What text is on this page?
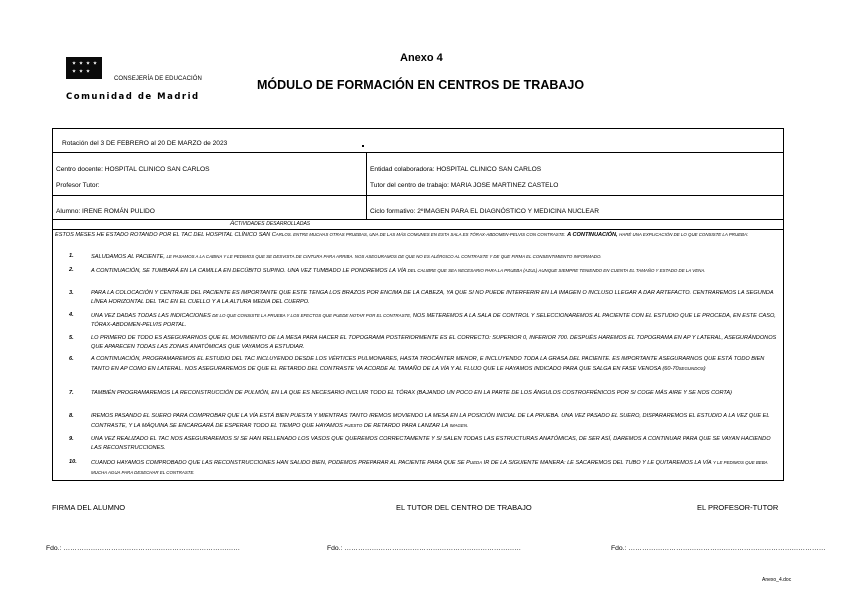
CONSEJERÍA DE EDUCACIÓN
Comunidad de Madrid
Anexo 4
MÓDULO DE FORMACIÓN EN CENTROS DE TRABAJO
Rotación del 3 DE FEBRERO al 20 DE MARZO de 2023
Centro docente: HOSPITAL CLINICO SAN CARLOS	Entidad colaboradora: HOSPITAL CLINICO SAN CARLOS
Profesor Tutor:	Tutor del centro de trabajo: MARIA JOSE MARTINEZ CASTELO
Alumno: IRENE ROMÁN PULIDO	Ciclo formativo: 2ºIMAGEN PARA EL DIAGNÓSTICO Y MEDICINA NUCLEAR
Actividades desarrolladas
ESTOS MESES HE ESTADO ROTANDO POR EL TAC DEL HOSPITAL CLÍNICO SAN CARLOS. ENTRE MUCHAS OTRAS PRUEBAS, UNA DE LAS MÁS COMUNES EN ESTA SALA ES TÓRAX-ABDOMEN-PELVIS CON CONTRASTE. A CONTINUACIÓN, HARÉ UNA EXPLICACIÓN DE LO QUE CONSISTE LA PRUEBA:
1.	SALUDAMOS AL PACIENTE, LE PASAMOS A LA CABINA Y LE PEDIMOS QUE SE DESVISTA DE CINTURA PARA ARRIBA. NOS ASEGURAMOS DE QUE NO ES ALÉRGICO AL CONTRASTE Y DE QUE FIRMA EL CONSENTIMIENTO INFORMADO.
2.	A CONTINUACIÓN, SE TUMBARÁ EN LA CAMILLA EN DECÚBITO SUPINO. UNA VEZ TUMBADO LE PONDREMOS LA VÍA DEL CALIBRE QUE SEA NECESARIO PARA LA PRUEBA (AZUL) AUNQUE SIEMPRE TENIENDO EN CUENTA EL TAMAÑO Y ESTADO DE LA VENA.
3.	PARA LA COLOCACIÓN Y CENTRAJE DEL PACIENTE ES IMPORTANTE QUE ESTE TENGA LOS BRAZOS POR ENCIMA DE LA CABEZA, YA QUE SI NO PUEDE INTERFERIR EN LA IMAGEN O INCLUSO LLEGAR A DAR ARTEFACTO. CENTRAREMOS LA SEGUNDA LÍNEA HORIZONTAL DEL TAC EN EL CUELLO Y A LA ALTURA MEDIA DEL CUERPO.
4.	UNA VEZ DADAS TODAS LAS INDICACIONES DE LO QUE CONSISTE LA PRUEBA Y LOS EFECTOS QUE PUEDE NOTAR POR EL CONTRASTE, NOS METEREMOS A LA SALA DE CONTROL Y SELECCIONAREMOS AL PACIENTE CON EL ESTUDIO QUE LE PROCEDA, EN ESTE CASO, TÓRAX-ABDOMEN-PELVIS PORTAL.
5.	LO PRIMERO DE TODO ES ASEGURARNOS QUE EL MOVIMIENTO DE LA MESA PARA HACER EL TOPOGRAMA POSTERIORMENTE ES EL CORRECTO: SUPERIOR 0, INFERIOR 700. DESPUÉS HAREMOS EL TOPOGRAMA EN AP Y LATERAL, ASEGURÁNDONOS QUE APARECEN TODAS LAS ZONAS ANATÓMICAS QUE VAYAMOS A ESTUDIAR.
6.	A CONTINUACIÓN, PROGRAMAREMOS EL ESTUDIO DEL TAC INCLUYENDO DESDE LOS VÉRTICES PULMONARES, HASTA TROCÁNTER MENOR, E INCLUYENDO TODA LA GRASA DEL PACIENTE. ES IMPORTANTE ASEGURARNOS QUE ESTÁ TODO BIEN TANTO EN AP COMO EN LATERAL. NOS ASEGURAREMOS DE QUE EL RETARDO DEL CONTRASTE VA ACORDE AL TAMAÑO DE LA VÍA Y AL FLUJO QUE LE HAYAMOS INDICADO PARA QUE SALGA EN FASE VENOSA (60-70SEGUNDOS)
7.	TAMBIÉN PROGRAMAREMOS LA RECONSTRUCCIÓN DE PULMÓN, EN LA QUE ES NECESARIO INCLUIR TODO EL TÓRAX (BAJANDO UN POCO EN LA PARTE DE LOS ÁNGULOS COSTROFRÉNICOS POR SI COGE MÁS AIRE Y SE NOS CORTA)
8.	IREMOS PASANDO EL SUERO PARA COMPROBAR QUE LA VÍA ESTÁ BIEN PUESTA Y MIENTRAS TANTO IREMOS MOVIENDO LA MESA EN LA POSICIÓN INICIAL DE LA PRUEBA. UNA VEZ PASADO EL SUERO, DISPARAREMOS EL ESTUDIO A LA VEZ QUE EL CONTRASTE, Y LA MÁQUINA SE ENCARGARÁ DE ESPERAR TODO EL TIEMPO QUE HAYAMOS PUESTO DE RETARDO PARA LANZAR LA IMAGEN.
9.	UNA VEZ REALIZADO EL TAC NOS ASEGURAREMOS SI SE HAN RELLENADO LOS VASOS QUE QUEREMOS CORRECTAMENTE Y SI SALEN TODAS LAS ESTRUCTURAS ANATÓMICAS, DE SER ASÍ, DAREMOS A CONTINUAR PARA QUE SE VAYAN HACIENDO LAS RECONSTRUCCIONES.
10.	CUANDO HAYAMOS COMPROBADO QUE LAS RECONSTRUCCIONES HAN SALIDO BIEN, PODEMOS PREPARAR AL PACIENTE PARA QUE SE PUEDA IR DE LA SIGUIENTE MANERA: LE SACAREMOS DEL TUBO Y LE QUITAREMOS LA VÍA Y LE PEDIMOS QUE BEBA MUCHA AGUA PARA DESECHAR EL CONTRASTE.
FIRMA DEL ALUMNO	EL TUTOR DEL CENTRO DE TRABAJO	EL PROFESOR-TUTOR
Fdo.: ……………………………………………………………………	Fdo.: ……………………………………………………………………	Fdo.: ……………………………………………………………………………
Anexo_4.doc
